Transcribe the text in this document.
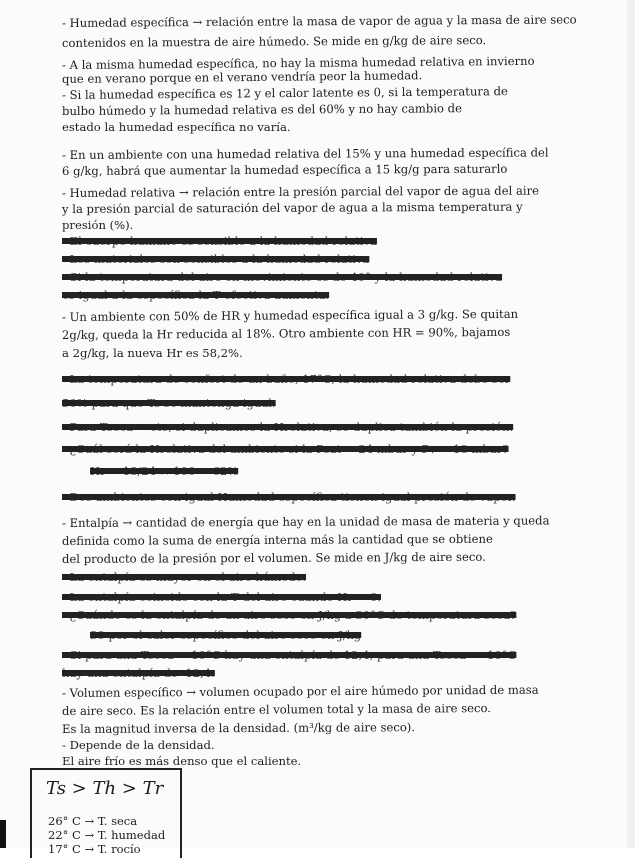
- Humedad específica → relación entre la masa de vapor de agua y la masa de aire seco
contenidos en la muestra de aire húmedo. Se mide en g/kg de aire seco.
- A la misma humedad específica, no hay la misma humedad relativa en invierno
que en verano porque en el verano vendría peor la humedad.
- Si la humedad específica es 12 y el calor latente es 0, si la temperatura de
bulbo húmedo y la humedad relativa es del 60% y no hay cambio de
estado la humedad específica no varía.
- En un ambiente con una humedad relativa del 15% y una humedad específica del
6 g/kg, habrá que aumentar la humedad específica a 15 kg/g para saturarlo
- Humedad relativa → relación entre la presión parcial del vapor de agua del aire
y la presión parcial de saturación del vapor de agua a la misma temperatura y
presión (%).
- El cuerpo humano es sensible a la humedad relativa
- Los materiales son sensibles a la humedad relativa
- Si la temperatura del aire en movimiento es de 40° y la humedad relativa
es igual a la específica la T efectiva aumenta.
- Un ambiente con 50% de HR y humedad específica igual a 3 g/kg. Se quitan
2g/kg, queda la Hr reducida al 18%. Otro ambiente con HR = 90%, bajamos
a 2g/kg, la nueva Hr es 58,2%.
- La temperatura de confort de un baño, 17°C, la humedad relativa debe ser
50% para que Ts se mantenga igual.
- Para Tseca = cte, si duplicamos la Hrelativa, se duplica también la presión.
- ¿Cuál será la Hrelativa del ambiente si la Psat = 24 mbar y Pv = 18 mbar?
Hr = 18/24 × 100 = 62%
- Dos ambientes con igual Humedad específica tienen igual presión de vapor.
- Entalpía → cantidad de energía que hay en la unidad de masa de materia y queda
definida como la suma de energía interna más la cantidad que se obtiene
del producto de la presión por el volumen. Se mide en J/kg de aire seco.
- La entalpía es mayor en el aire húmedo.
- La entalpía coincide con la T del aire cuando Hr = 0.
- ¿Cuándo es la entalpía de un aire seco en J/kg a 30°C de temperatura seca?
30 por el calor específico del aire seco en J/kg
- Si para una Tseca = 10°C hay una entalpía de 12,4, para una Tseca = -10°C
hay una entalpía de -12,4.
- Volumen específico → volumen ocupado por el aire húmedo por unidad de masa
de aire seco. Es la relación entre el volumen total y la masa de aire seco.
Es la magnitud inversa de la densidad. (m³/kg de aire seco).
- Depende de la densidad.
El aire frío es más denso que el caliente.
Ts > Th > Tr
26° C → T. seca
22° C → T. humedad
17° C → T. rocío
